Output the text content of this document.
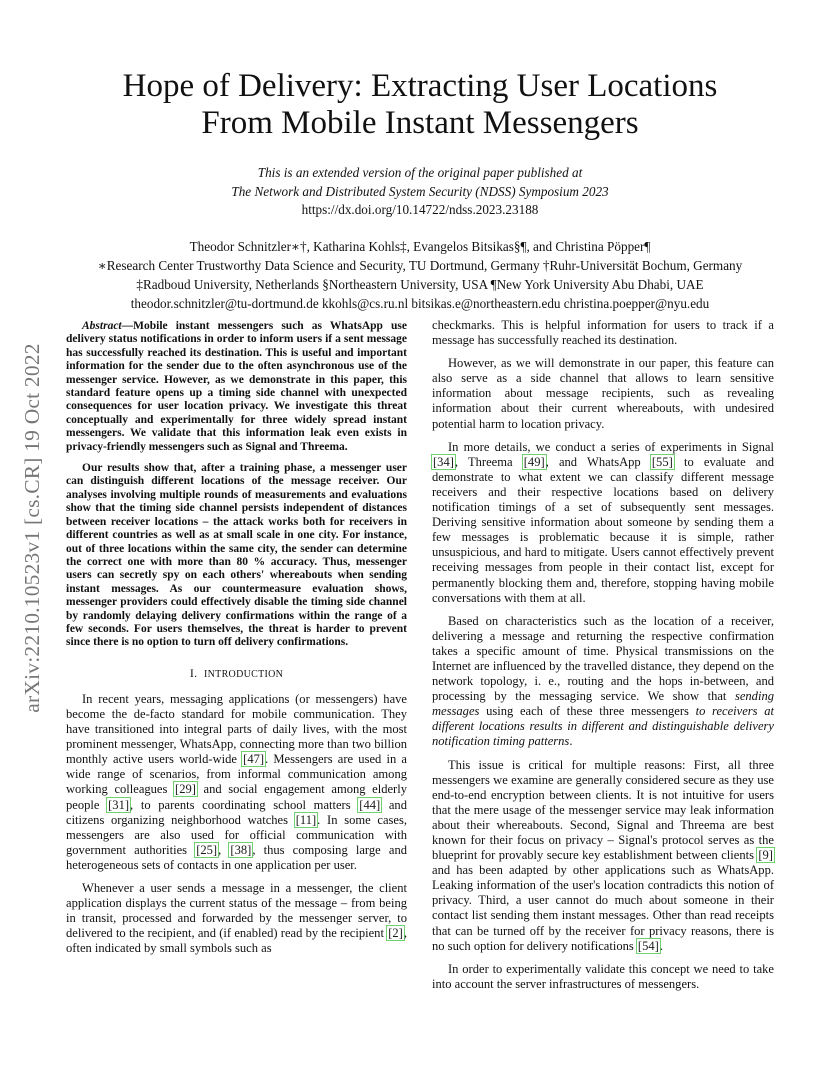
arXiv:2210.10523v1 [cs.CR] 19 Oct 2022
Hope of Delivery: Extracting User Locations
From Mobile Instant Messengers
This is an extended version of the original paper published at
The Network and Distributed System Security (NDSS) Symposium 2023
https://dx.doi.org/10.14722/ndss.2023.23188
Theodor Schnitzler∗†, Katharina Kohls‡, Evangelos Bitsikas§¶, and Christina Pöpper¶
∗Research Center Trustworthy Data Science and Security, TU Dortmund, Germany †Ruhr-Universität Bochum, Germany
‡Radboud University, Netherlands §Northeastern University, USA ¶New York University Abu Dhabi, UAE
theodor.schnitzler@tu-dortmund.de kkohls@cs.ru.nl bitsikas.e@northeastern.edu christina.poepper@nyu.edu

Abstract—Mobile instant messengers such as WhatsApp use delivery status notifications in order to inform users if a sent message has successfully reached its destination. This is useful and important information for the sender due to the often asynchronous use of the messenger service. However, as we demonstrate in this paper, this standard feature opens up a timing side channel with unexpected consequences for user location privacy. We investigate this threat conceptually and experimentally for three widely spread instant messengers. We validate that this information leak even exists in privacy-friendly messengers such as Signal and Threema.

Our results show that, after a training phase, a messenger user can distinguish different locations of the message receiver. Our analyses involving multiple rounds of measurements and evaluations show that the timing side channel persists independent of distances between receiver locations – the attack works both for receivers in different countries as well as at small scale in one city. For instance, out of three locations within the same city, the sender can determine the correct one with more than 80 % accuracy. Thus, messenger users can secretly spy on each others' whereabouts when sending instant messages. As our countermeasure evaluation shows, messenger providers could effectively disable the timing side channel by randomly delaying delivery confirmations within the range of a few seconds. For users themselves, the threat is harder to prevent since there is no option to turn off delivery confirmations.

I. INTRODUCTION

In recent years, messaging applications (or messengers) have become the de-facto standard for mobile communication. They have transitioned into integral parts of daily lives, with the most prominent messenger, WhatsApp, connecting more than two billion monthly active users world-wide [47]. Messengers are used in a wide range of scenarios, from informal communication among working colleagues [29] and social engagement among elderly people [31], to parents coordinating school matters [44] and citizens organizing neighborhood watches [11]. In some cases, messengers are also used for official communication with government authorities [25], [38], thus composing large and heterogeneous sets of contacts in one application per user.

Whenever a user sends a message in a messenger, the client application displays the current status of the message – from being in transit, processed and forwarded by the messenger server, to delivered to the recipient, and (if enabled) read by the recipient [2], often indicated by small symbols such as

checkmarks. This is helpful information for users to track if a message has successfully reached its destination.

However, as we will demonstrate in our paper, this feature can also serve as a side channel that allows to learn sensitive information about message recipients, such as revealing information about their current whereabouts, with undesired potential harm to location privacy.

In more details, we conduct a series of experiments in Signal [34], Threema [49], and WhatsApp [55] to evaluate and demonstrate to what extent we can classify different message receivers and their respective locations based on delivery notification timings of a set of subsequently sent messages. Deriving sensitive information about someone by sending them a few messages is problematic because it is simple, rather unsuspicious, and hard to mitigate. Users cannot effectively prevent receiving messages from people in their contact list, except for permanently blocking them and, therefore, stopping having mobile conversations with them at all.

Based on characteristics such as the location of a receiver, delivering a message and returning the respective confirmation takes a specific amount of time. Physical transmissions on the Internet are influenced by the travelled distance, they depend on the network topology, i. e., routing and the hops in-between, and processing by the messaging service. We show that sending messages using each of these three messengers to receivers at different locations results in different and distinguishable delivery notification timing patterns.

This issue is critical for multiple reasons: First, all three messengers we examine are generally considered secure as they use end-to-end encryption between clients. It is not intuitive for users that the mere usage of the messenger service may leak information about their whereabouts. Second, Signal and Threema are best known for their focus on privacy – Signal's protocol serves as the blueprint for provably secure key establishment between clients [9] and has been adapted by other applications such as WhatsApp. Leaking information of the user's location contradicts this notion of privacy. Third, a user cannot do much about someone in their contact list sending them instant messages. Other than read receipts that can be turned off by the receiver for privacy reasons, there is no such option for delivery notifications [54].

In order to experimentally validate this concept we need to take into account the server infrastructures of messengers.
